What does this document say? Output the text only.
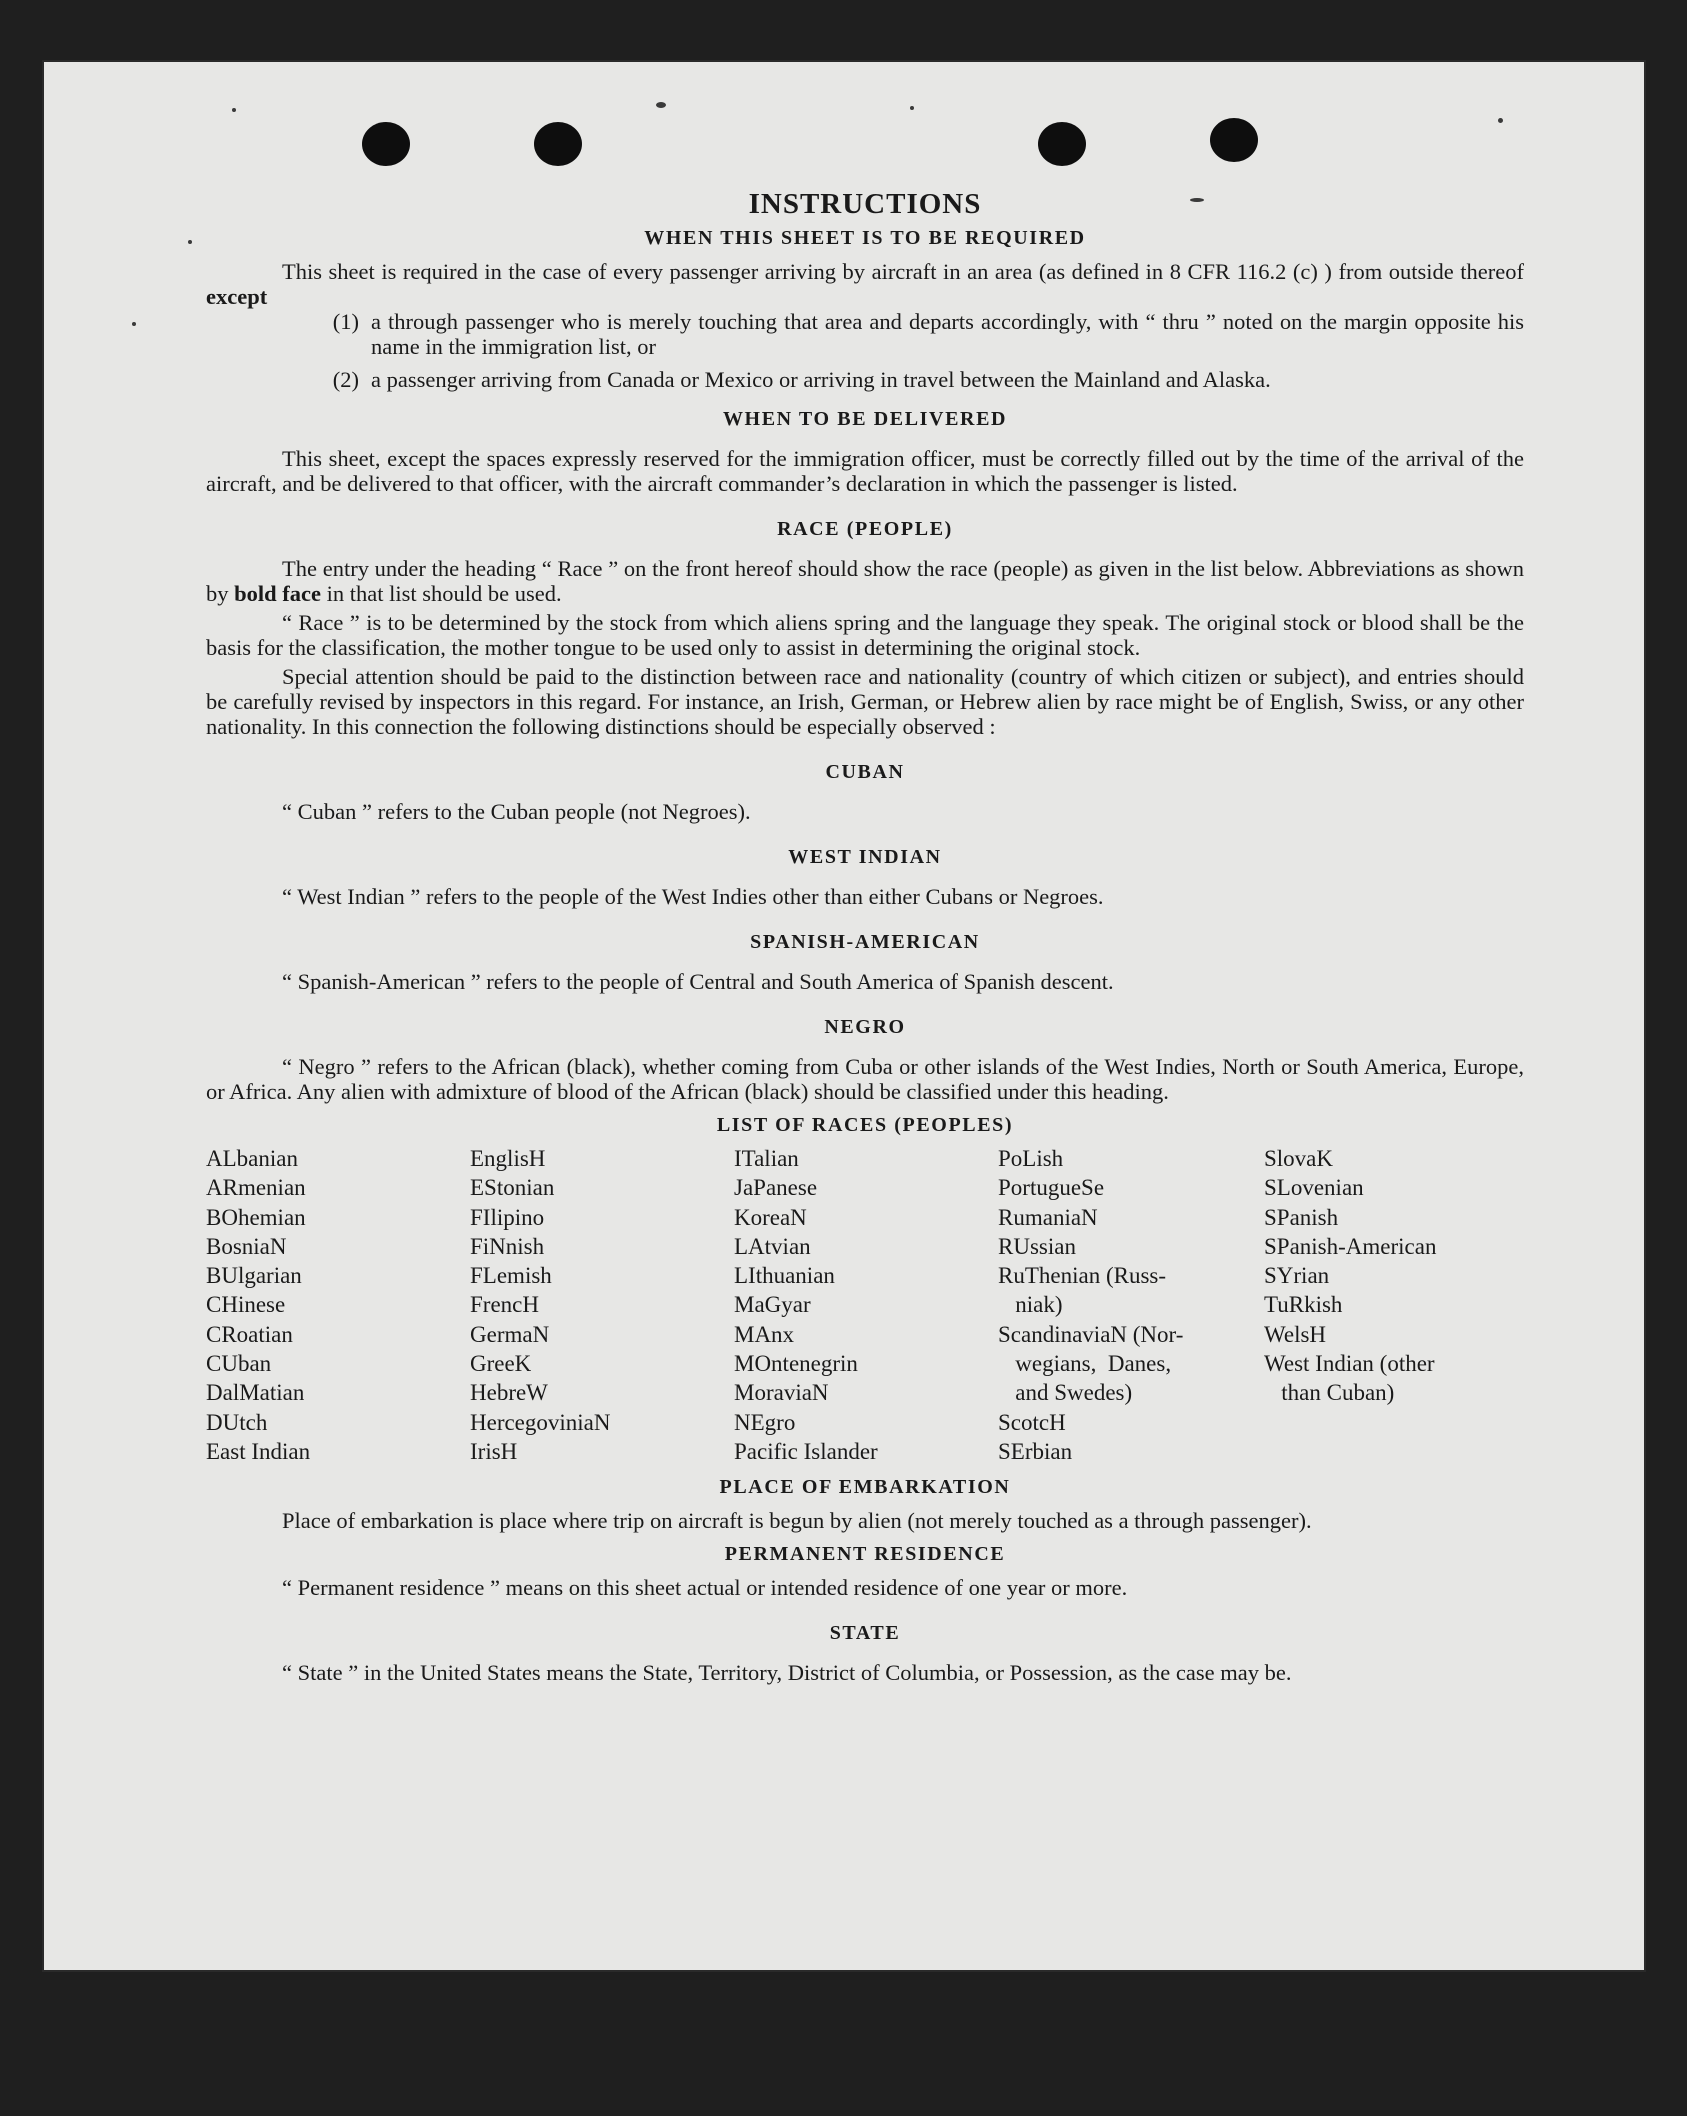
INSTRUCTIONS
WHEN THIS SHEET IS TO BE REQUIRED

This sheet is required in the case of every passenger arriving by aircraft in an area (as defined in 8 CFR 116.2 (c) ) from outside thereof except

(1) a through passenger who is merely touching that area and departs accordingly, with “ thru ” noted on the margin opposite his name in the immigration list, or
(2) a passenger arriving from Canada or Mexico or arriving in travel between the Mainland and Alaska.
WHEN TO BE DELIVERED

This sheet, except the spaces expressly reserved for the immigration officer, must be correctly filled out by the time of the arrival of the aircraft, and be delivered to that officer, with the aircraft commander’s declaration in which the passenger is listed.

RACE (PEOPLE)

The entry under the heading “ Race ” on the front hereof should show the race (people) as given in the list below. Abbreviations as shown by bold face in that list should be used.

“ Race ” is to be determined by the stock from which aliens spring and the language they speak. The original stock or blood shall be the basis for the classification, the mother tongue to be used only to assist in determining the original stock.

Special attention should be paid to the distinction between race and nationality (country of which citizen or subject), and entries should be carefully revised by inspectors in this regard. For instance, an Irish, German, or Hebrew alien by race might be of English, Swiss, or any other nationality. In this connection the following distinctions should be especially observed :

CUBAN

“ Cuban ” refers to the Cuban people (not Negroes).

WEST INDIAN

“ West Indian ” refers to the people of the West Indies other than either Cubans or Negroes.

SPANISH-AMERICAN

“ Spanish-American ” refers to the people of Central and South America of Spanish descent.

NEGRO

“ Negro ” refers to the African (black), whether coming from Cuba or other islands of the West Indies, North or South America, Europe, or Africa. Any alien with admixture of blood of the African (black) should be classified under this heading.

LIST OF RACES (PEOPLES)
ALbanian
ARmenian
BOhemian
BosniaN
BUlgarian
CHinese
CRoatian
CUban
DalMatian
DUtch
East Indian
EnglisH
EStonian
FIlipino
FiNnish
FLemish
FrencH
GermaN
GreeK
HebreW
HercegoviniaN
IrisH
ITalian
JaPanese
KoreaN
LAtvian
LIthuanian
MaGyar
MAnx
MOntenegrin
MoraviaN
NEgro
Pacific Islander
PoLish
PortugueSe
RumaniaN
RUssian
RuThenian (Russ-
niak)
ScandinaviaN (Nor-
wegians,  Danes,
and Swedes)
ScotcH
SErbian
SlovaK
SLovenian
SPanish
SPanish-American
SYrian
TuRkish
WelsH
West Indian (other
than Cuban)
PLACE OF EMBARKATION

Place of embarkation is place where trip on aircraft is begun by alien (not merely touched as a through passenger).

PERMANENT RESIDENCE

“ Permanent residence ” means on this sheet actual or intended residence of one year or more.

STATE

“ State ” in the United States means the State, Territory, District of Columbia, or Possession, as the case may be.
